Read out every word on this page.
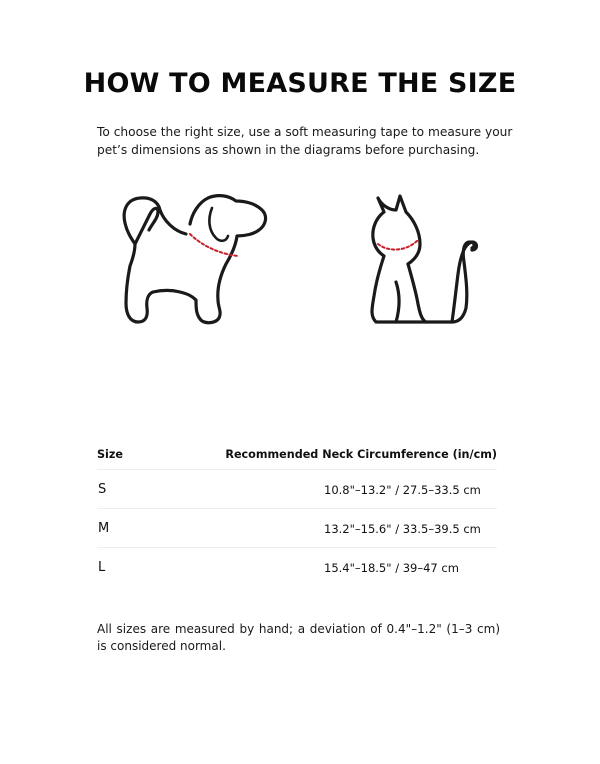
HOW TO MEASURE THE SIZE

To choose the right size, use a soft measuring tape to measure your pet’s dimensions as shown in the diagrams before purchasing.

Size	Recommended Neck Circumference (in/cm)
S	10.8"–13.2" / 27.5–33.5 cm
M	13.2"–15.6" / 33.5–39.5 cm
L	15.4"–18.5" / 39–47 cm

All sizes are measured by hand; a deviation of 0.4"–1.2" (1–3 cm) is considered normal.
